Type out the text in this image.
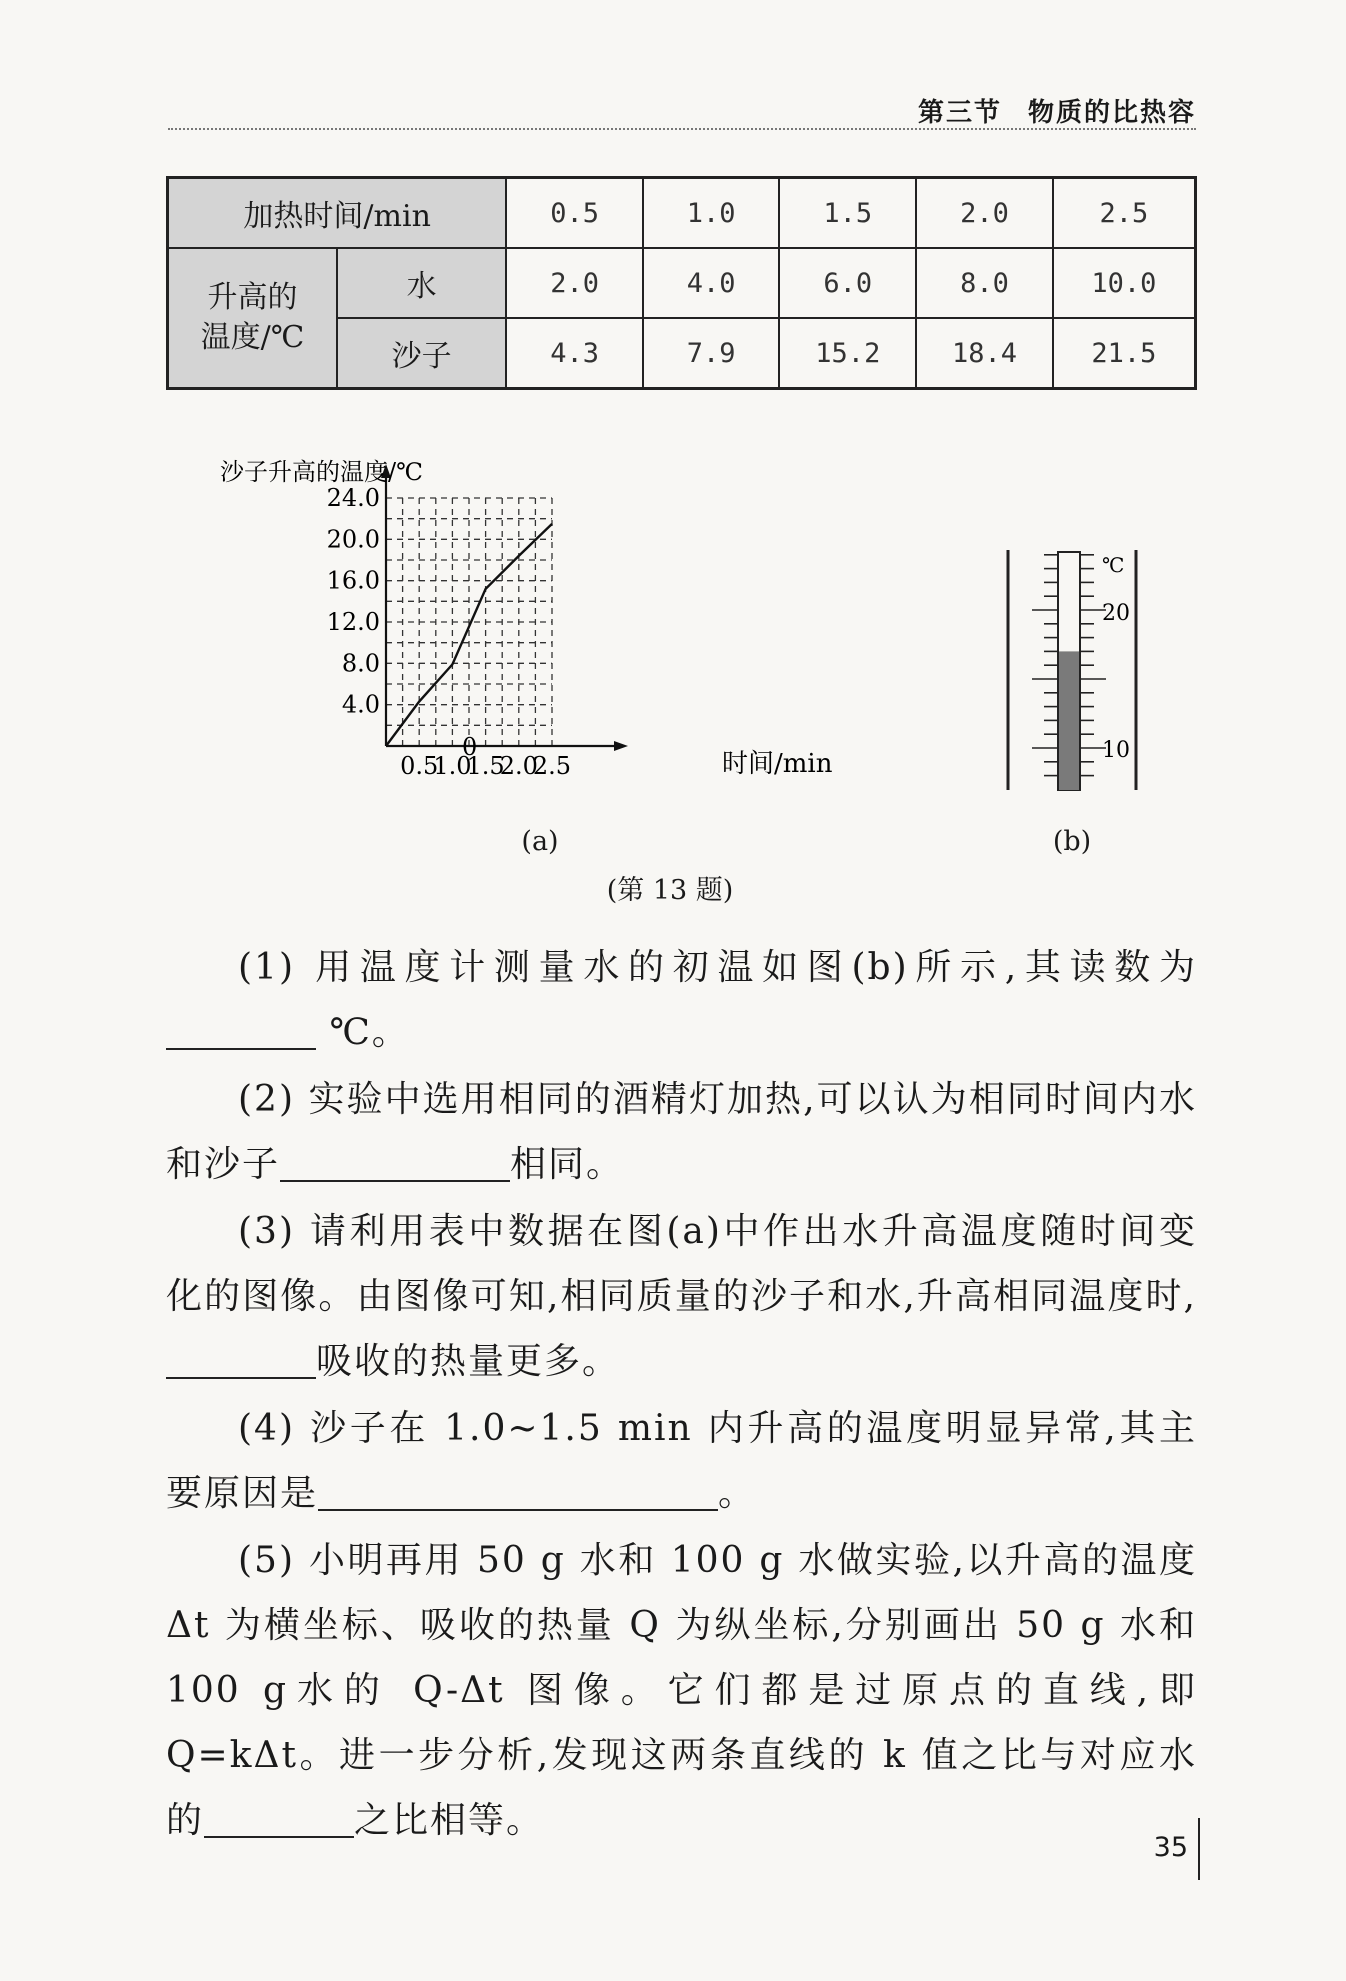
第三节 物质的比热容
加热时间/min		0.5	1.0	1.5	2.0	2.5
升高的
温度/℃	水	2.0	4.0	6.0	8.0	10.0
	沙子	4.3	7.9	15.2	18.4	21.5
24.0
20.0
16.0
12.0
8.0
4.0
0.5
1.0
1.5
2.0
2.5
沙子升高的温度/℃
时间/min
0
℃
20
10
(a)	(b)
(第 13 题)

(1) 用温度计测量水的初温如图(b)所示,其读数为 ℃。

(2) 实验中选用相同的酒精灯加热,可以认为相同时间内水和沙子	相同。

(3) 请利用表中数据在图(a)中作出水升高温度随时间变化的图像。由图像可知,相同质量的沙子和水,升高相同温度时,吸收的热量更多。

(4) 沙子在 1.0~1.5 min 内升高的温度明显异常,其主要原因是	。

(5) 小明再用 50 g 水和 100 g 水做实验,以升高的温度 Δt 为横坐标、吸收的热量 Q 为纵坐标,分别画出 50 g 水和100 g水的 Q-Δt 图像。它们都是过原点的直线,即 Q=kΔt。进一步分析,发现这两条直线的 k 值之比与对应水的	之比相等。

35
